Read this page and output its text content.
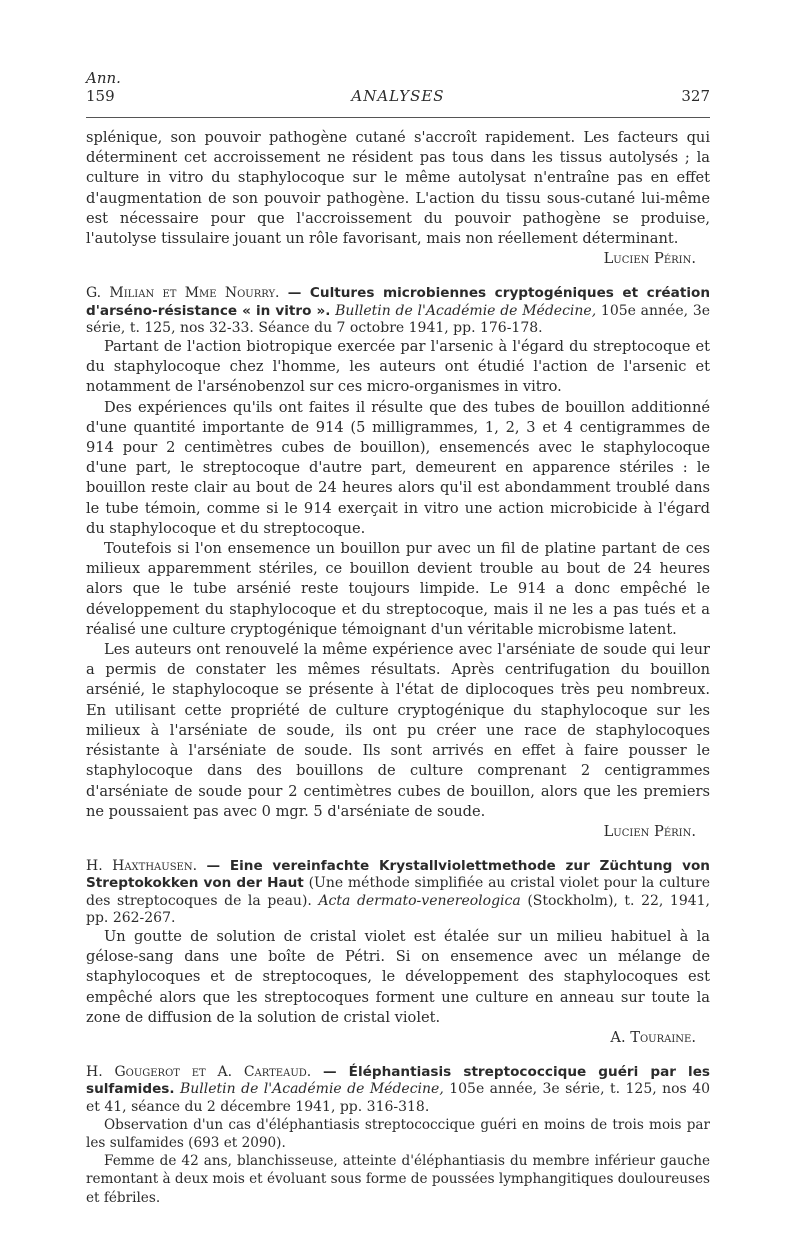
Ann.
159	ANALYSES	327

splénique, son pouvoir pathogène cutané s'accroît rapidement. Les facteurs qui déterminent cet accroissement ne résident pas tous dans les tissus autolysés ; la culture in vitro du staphylocoque sur le même autolysat n'entraîne pas en effet d'augmentation de son pouvoir pathogène. L'action du tissu sous-cutané lui-même est nécessaire pour que l'accroissement du pouvoir pathogène se produise, l'autolyse tissulaire jouant un rôle favorisant, mais non réellement déterminant.

Lucien Périn.

G. Milian et Mme Nourry. — Cultures microbiennes cryptogéniques et création d'arséno-résistance « in vitro ». Bulletin de l'Académie de Médecine, 105e année, 3e série, t. 125, nos 32-33. Séance du 7 octobre 1941, pp. 176-178.

Partant de l'action biotropique exercée par l'arsenic à l'égard du streptocoque et du staphylocoque chez l'homme, les auteurs ont étudié l'action de l'arsenic et notamment de l'arsénobenzol sur ces micro-organismes in vitro.

Des expériences qu'ils ont faites il résulte que des tubes de bouillon additionné d'une quantité importante de 914 (5 milligrammes, 1, 2, 3 et 4 centigrammes de 914 pour 2 centimètres cubes de bouillon), ensemencés avec le staphylocoque d'une part, le streptocoque d'autre part, demeurent en apparence stériles : le bouillon reste clair au bout de 24 heures alors qu'il est abondamment troublé dans le tube témoin, comme si le 914 exerçait in vitro une action microbicide à l'égard du staphylocoque et du streptocoque.

Toutefois si l'on ensemence un bouillon pur avec un fil de platine partant de ces milieux apparemment stériles, ce bouillon devient trouble au bout de 24 heures alors que le tube arsénié reste toujours limpide. Le 914 a donc empêché le développement du staphylocoque et du streptocoque, mais il ne les a pas tués et a réalisé une culture cryptogénique témoignant d'un véritable microbisme latent.

Les auteurs ont renouvelé la même expérience avec l'arséniate de soude qui leur a permis de constater les mêmes résultats. Après centrifugation du bouillon arsénié, le staphylocoque se présente à l'état de diplocoques très peu nombreux. En utilisant cette propriété de culture cryptogénique du staphylocoque sur les milieux à l'arséniate de soude, ils ont pu créer une race de staphylocoques résistante à l'arséniate de soude. Ils sont arrivés en effet à faire pousser le staphylocoque dans des bouillons de culture comprenant 2 centigrammes d'arséniate de soude pour 2 centimètres cubes de bouillon, alors que les premiers ne poussaient pas avec 0 mgr. 5 d'arséniate de soude.

Lucien Périn.

H. Haxthausen. — Eine vereinfachte Krystallviolettmethode zur Züchtung von Streptokokken von der Haut (Une méthode simplifiée au cristal violet pour la culture des streptocoques de la peau). Acta dermato-venereologica (Stockholm), t. 22, 1941, pp. 262-267.

Un goutte de solution de cristal violet est étalée sur un milieu habituel à la gélose-sang dans une boîte de Pétri. Si on ensemence avec un mélange de staphylocoques et de streptocoques, le développement des staphylocoques est empêché alors que les streptocoques forment une culture en anneau sur toute la zone de diffusion de la solution de cristal violet.

A. Touraine.

H. Gougerot et A. Carteaud. — Éléphantiasis streptococcique guéri par les sulfamides. Bulletin de l'Académie de Médecine, 105e année, 3e série, t. 125, nos 40 et 41, séance du 2 décembre 1941, pp. 316-318.

Observation d'un cas d'éléphantiasis streptococcique guéri en moins de trois mois par les sulfamides (693 et 2090).

Femme de 42 ans, blanchisseuse, atteinte d'éléphantiasis du membre inférieur gauche remontant à deux mois et évoluant sous forme de poussées lymphangitiques douloureuses et fébriles.
